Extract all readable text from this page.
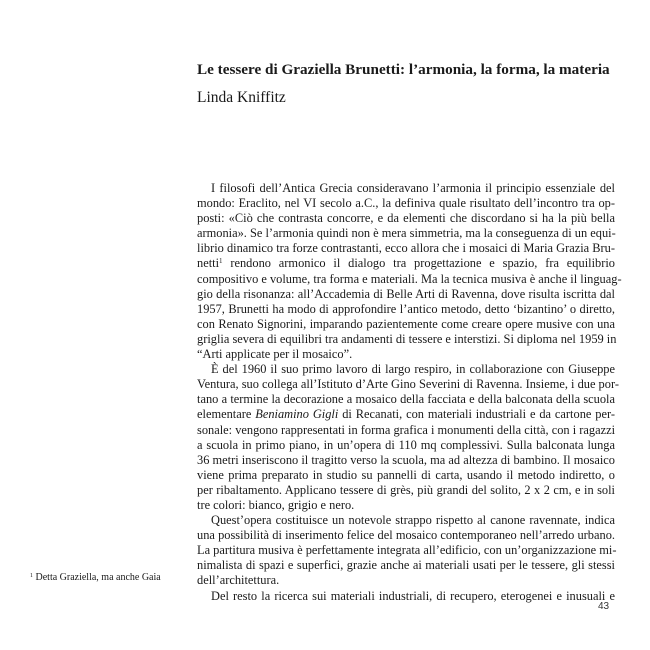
Le tessere di Graziella Brunetti: l’armonia, la forma, la materia

Linda Kniffitz

I filosofi dell’Antica Grecia consideravano l’armonia il principio essenziale del
mondo: Eraclito, nel VI secolo a.C., la definiva quale risultato dell’incontro tra op-
posti: «Ciò che contrasta concorre, e da elementi che discordano si ha la più bella
armonia». Se l’armonia quindi non è mera simmetria, ma la conseguenza di un equi-
librio dinamico tra forze contrastanti, ecco allora che i mosaici di Maria Grazia Bru-
netti$^1$ rendono armonico il dialogo tra progettazione e spazio, fra equilibrio
compositivo e volume, tra forma e materiali. Ma la tecnica musiva è anche il linguag-
gio della risonanza: all’Accademia di Belle Arti di Ravenna, dove risulta iscritta dal
1957, Brunetti ha modo di approfondire l’antico metodo, detto ‘bizantino’ o diretto,
con Renato Signorini, imparando pazientemente come creare opere musive con una
griglia severa di equilibri tra andamenti di tessere e interstizi. Si diploma nel 1959 in
“Arti applicate per il mosaico”.
È del 1960 il suo primo lavoro di largo respiro, in collaborazione con Giuseppe
Ventura, suo collega all’Istituto d’Arte Gino Severini di Ravenna. Insieme, i due por-
tano a termine la decorazione a mosaico della facciata e della balconata della scuola
elementare Beniamino Gigli di Recanati, con materiali industriali e da cartone per-
sonale: vengono rappresentati in forma grafica i monumenti della città, con i ragazzi
a scuola in primo piano, in un’opera di 110 mq complessivi. Sulla balconata lunga
36 metri inseriscono il tragitto verso la scuola, ma ad altezza di bambino. Il mosaico
viene prima preparato in studio su pannelli di carta, usando il metodo indiretto, o
per ribaltamento. Applicano tessere di grès, più grandi del solito, 2 x 2 cm, e in soli
tre colori: bianco, grigio e nero.
Quest’opera costituisce un notevole strappo rispetto al canone ravennate, indica
una possibilità di inserimento felice del mosaico contemporaneo nell’arredo urbano.
La partitura musiva è perfettamente integrata all’edificio, con un’organizzazione mi-
nimalista di spazi e superfici, grazie anche ai materiali usati per le tessere, gli stessi
dell’architettura.
Del resto la ricerca sui materiali industriali, di recupero, eterogenei e inusuali e

$^1$ Detta Graziella, ma anche Gaia

43
